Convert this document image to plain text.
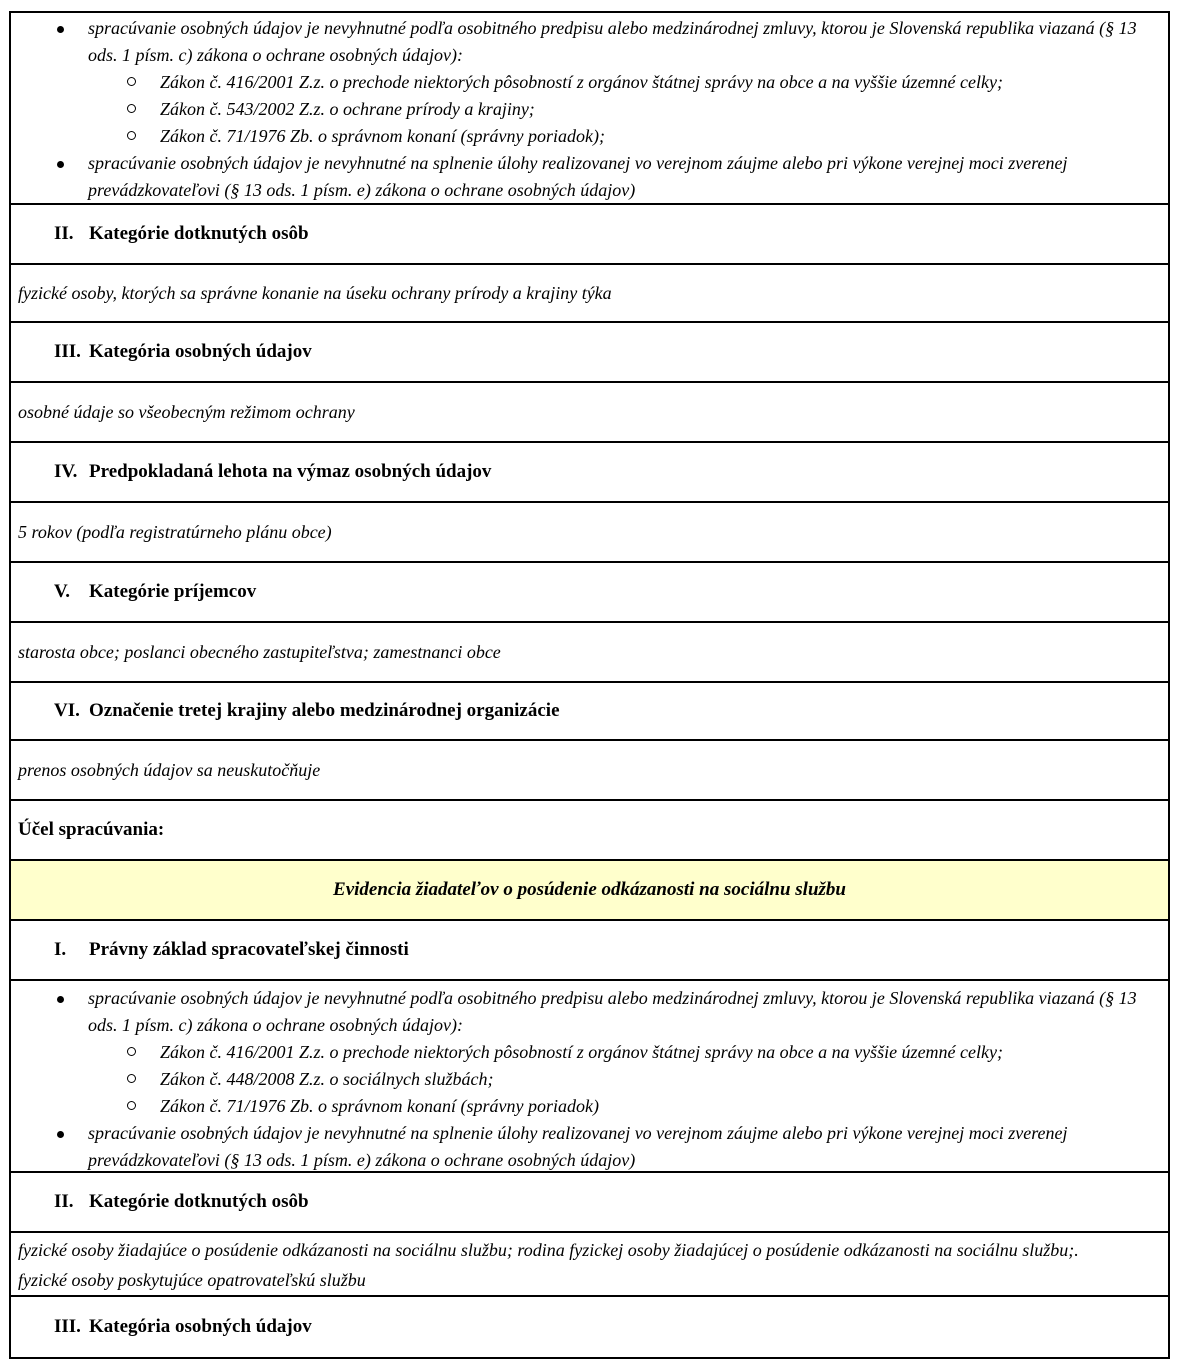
spracúvanie osobných údajov je nevyhnutné podľa osobitného predpisu alebo medzinárodnej zmluvy, ktorou je Slovenská republika viazaná (§ 13 ods. 1 písm. c) zákona o ochrane osobných údajov):
Zákon č. 416/2001 Z.z. o prechode niektorých pôsobností z orgánov štátnej správy na obce a na vyššie územné celky;
Zákon č. 543/2002 Z.z. o ochrane prírody a krajiny;
Zákon č. 71/1976 Zb. o správnom konaní (správny poriadok);
spracúvanie osobných údajov je nevyhnutné na splnenie úlohy realizovanej vo verejnom záujme alebo pri výkone verejnej moci zverenej prevádzkovateľovi (§ 13 ods. 1 písm. e) zákona o ochrane osobných údajov)
II. Kategórie dotknutých osôb
fyzické osoby, ktorých sa správne konanie na úseku ochrany prírody a krajiny týka
III. Kategória osobných údajov
osobné údaje so všeobecným režimom ochrany
IV. Predpokladaná lehota na výmaz osobných údajov
5 rokov (podľa registratúrneho plánu obce)
V. Kategórie príjemcov
starosta obce; poslanci obecného zastupiteľstva; zamestnanci obce
VI. Označenie tretej krajiny alebo medzinárodnej organizácie
prenos osobných údajov sa neuskutočňuje
Účel spracúvania:
Evidencia žiadateľov o posúdenie odkázanosti na sociálnu službu
I. Právny základ spracovateľskej činnosti
spracúvanie osobných údajov je nevyhnutné podľa osobitného predpisu alebo medzinárodnej zmluvy, ktorou je Slovenská republika viazaná (§ 13 ods. 1 písm. c) zákona o ochrane osobných údajov):
Zákon č. 416/2001 Z.z. o prechode niektorých pôsobností z orgánov štátnej správy na obce a na vyššie územné celky;
Zákon č. 448/2008 Z.z. o sociálnych službách;
Zákon č. 71/1976 Zb. o správnom konaní (správny poriadok)
spracúvanie osobných údajov je nevyhnutné na splnenie úlohy realizovanej vo verejnom záujme alebo pri výkone verejnej moci zverenej prevádzkovateľovi (§ 13 ods. 1 písm. e) zákona o ochrane osobných údajov)
II. Kategórie dotknutých osôb
fyzické osoby žiadajúce o posúdenie odkázanosti na sociálnu službu; rodina fyzickej osoby žiadajúcej o posúdenie odkázanosti na sociálnu službu;. fyzické osoby poskytujúce opatrovateľskú službu
III. Kategória osobných údajov
